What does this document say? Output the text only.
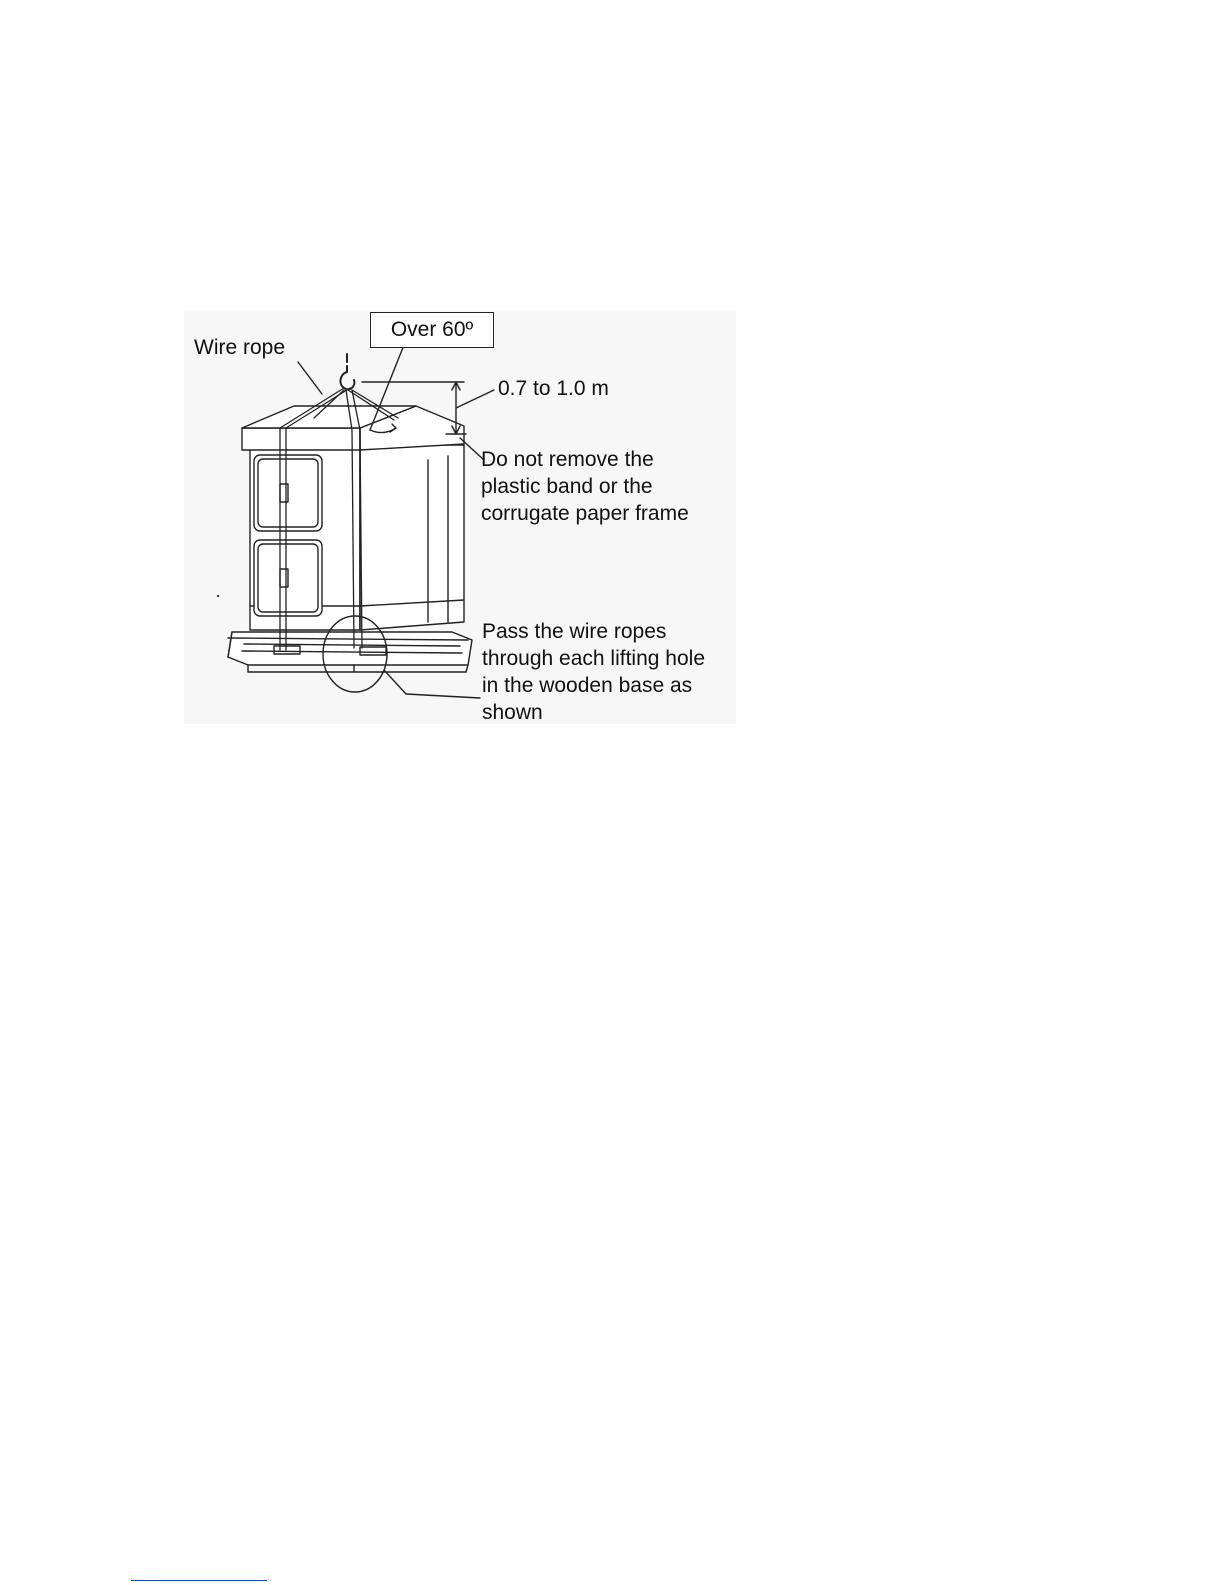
Wire rope
Over 60º
0.7 to 1.0 m
Do not remove the
plastic band or the
corrugate paper frame
Pass the wire ropes
through each lifting hole
in the wooden base as
shown
